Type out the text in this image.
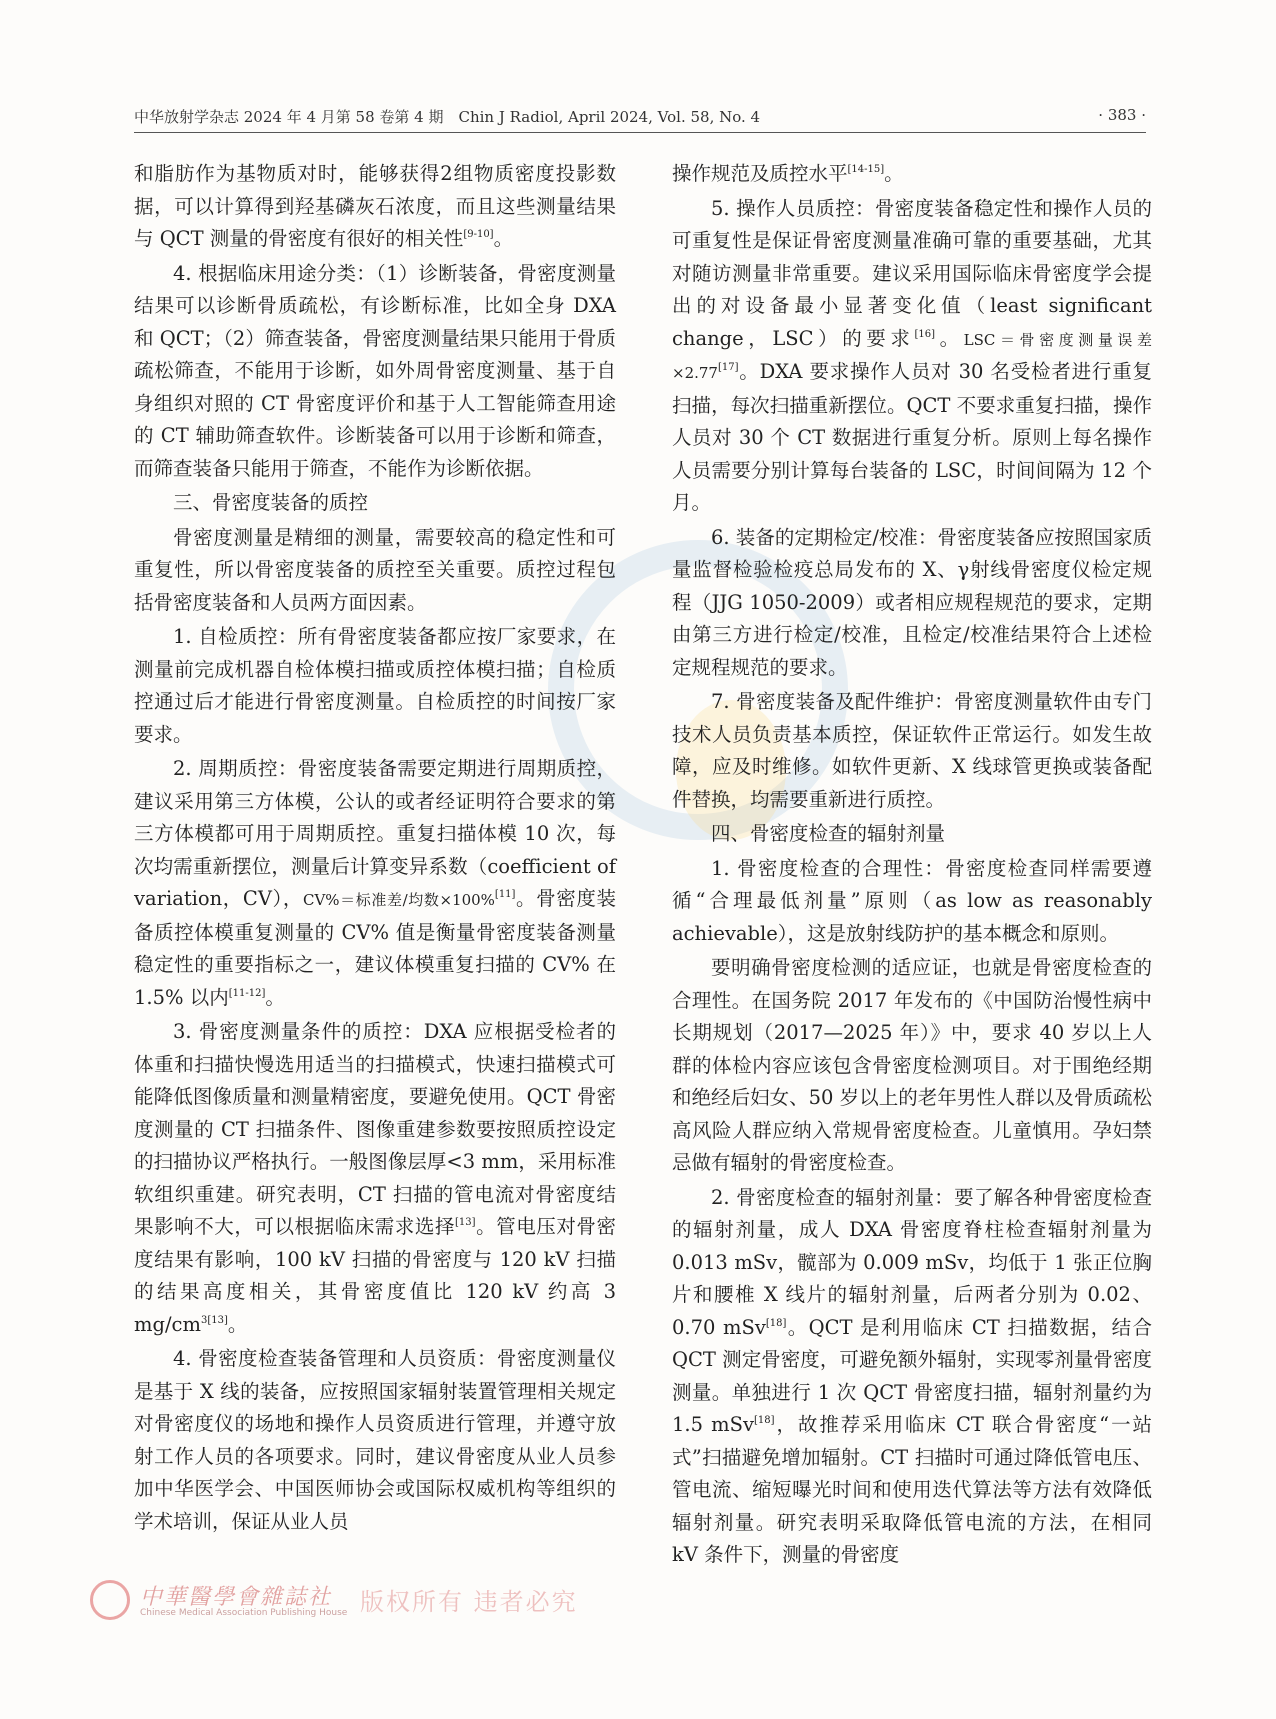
中华放射学杂志 2024 年 4 月第 58 卷第 4 期　Chin J Radiol, April 2024, Vol. 58, No. 4	· 383 ·

和脂肪作为基物质对时，能够获得2组物质密度投影数据，可以计算得到羟基磷灰石浓度，而且这些测量结果与 QCT 测量的骨密度有很好的相关性[9-10]。

4. 根据临床用途分类：（1）诊断装备，骨密度测量结果可以诊断骨质疏松，有诊断标准，比如全身 DXA 和 QCT；（2）筛查装备，骨密度测量结果只能用于骨质疏松筛查，不能用于诊断，如外周骨密度测量、基于自身组织对照的 CT 骨密度评价和基于人工智能筛查用途的 CT 辅助筛查软件。诊断装备可以用于诊断和筛查，而筛查装备只能用于筛查，不能作为诊断依据。

三、骨密度装备的质控

骨密度测量是精细的测量，需要较高的稳定性和可重复性，所以骨密度装备的质控至关重要。质控过程包括骨密度装备和人员两方面因素。

1. 自检质控：所有骨密度装备都应按厂家要求，在测量前完成机器自检体模扫描或质控体模扫描；自检质控通过后才能进行骨密度测量。自检质控的时间按厂家要求。

2. 周期质控：骨密度装备需要定期进行周期质控，建议采用第三方体模，公认的或者经证明符合要求的第三方体模都可用于周期质控。重复扫描体模 10 次，每次均需重新摆位，测量后计算变异系数（coefficient of variation，CV），CV%＝标准差/均数×100%[11]。骨密度装备质控体模重复测量的 CV% 值是衡量骨密度装备测量稳定性的重要指标之一，建议体模重复扫描的 CV% 在 1.5% 以内[11-12]。

3. 骨密度测量条件的质控：DXA 应根据受检者的体重和扫描快慢选用适当的扫描模式，快速扫描模式可能降低图像质量和测量精密度，要避免使用。QCT 骨密度测量的 CT 扫描条件、图像重建参数要按照质控设定的扫描协议严格执行。一般图像层厚<3 mm，采用标准软组织重建。研究表明，CT 扫描的管电流对骨密度结果影响不大，可以根据临床需求选择[13]。管电压对骨密度结果有影响，100 kV 扫描的骨密度与 120 kV 扫描的结果高度相关，其骨密度值比 120 kV 约高 3 $mg/cm^{3[13]}$。

4. 骨密度检查装备管理和人员资质：骨密度测量仪是基于 X 线的装备，应按照国家辐射装置管理相关规定对骨密度仪的场地和操作人员资质进行管理，并遵守放射工作人员的各项要求。同时，建议骨密度从业人员参加中华医学会、中国医师协会或国际权威机构等组织的学术培训，保证从业人员

操作规范及质控水平[14-15]。

5. 操作人员质控：骨密度装备稳定性和操作人员的可重复性是保证骨密度测量准确可靠的重要基础，尤其对随访测量非常重要。建议采用国际临床骨密度学会提出的对设备最小显著变化值（least significant change，LSC）的要求[16]。LSC＝骨密度测量误差×2.77[17]。DXA 要求操作人员对 30 名受检者进行重复扫描，每次扫描重新摆位。QCT 不要求重复扫描，操作人员对 30 个 CT 数据进行重复分析。原则上每名操作人员需要分别计算每台装备的 LSC，时间间隔为 12 个月。

6. 装备的定期检定/校准：骨密度装备应按照国家质量监督检验检疫总局发布的 X、γ射线骨密度仪检定规程（JJG 1050-2009）或者相应规程规范的要求，定期由第三方进行检定/校准，且检定/校准结果符合上述检定规程规范的要求。

7. 骨密度装备及配件维护：骨密度测量软件由专门技术人员负责基本质控，保证软件正常运行。如发生故障，应及时维修。如软件更新、X 线球管更换或装备配件替换，均需要重新进行质控。

四、骨密度检查的辐射剂量

1. 骨密度检查的合理性：骨密度检查同样需要遵循“合理最低剂量”原则（as low as reasonably achievable），这是放射线防护的基本概念和原则。

要明确骨密度检测的适应证，也就是骨密度检查的合理性。在国务院 2017 年发布的《中国防治慢性病中长期规划（2017—2025 年）》中，要求 40 岁以上人群的体检内容应该包含骨密度检测项目。对于围绝经期和绝经后妇女、50 岁以上的老年男性人群以及骨质疏松高风险人群应纳入常规骨密度检查。儿童慎用。孕妇禁忌做有辐射的骨密度检查。

2. 骨密度检查的辐射剂量：要了解各种骨密度检查的辐射剂量，成人 DXA 骨密度脊柱检查辐射剂量为 0.013 mSv，髋部为 0.009 mSv，均低于 1 张正位胸片和腰椎 X 线片的辐射剂量，后两者分别为 0.02、0.70 mSv[18]。QCT 是利用临床 CT 扫描数据，结合 QCT 测定骨密度，可避免额外辐射，实现零剂量骨密度测量。单独进行 1 次 QCT 骨密度扫描，辐射剂量约为 1.5 mSv[18]，故推荐采用临床 CT 联合骨密度“一站式”扫描避免增加辐射。CT 扫描时可通过降低管电压、管电流、缩短曝光时间和使用迭代算法等方法有效降低辐射剂量。研究表明采取降低管电流的方法，在相同 kV 条件下，测量的骨密度

中華醫學會雜誌社
Chinese Medical Association Publishing House 版权所有 违者必究
